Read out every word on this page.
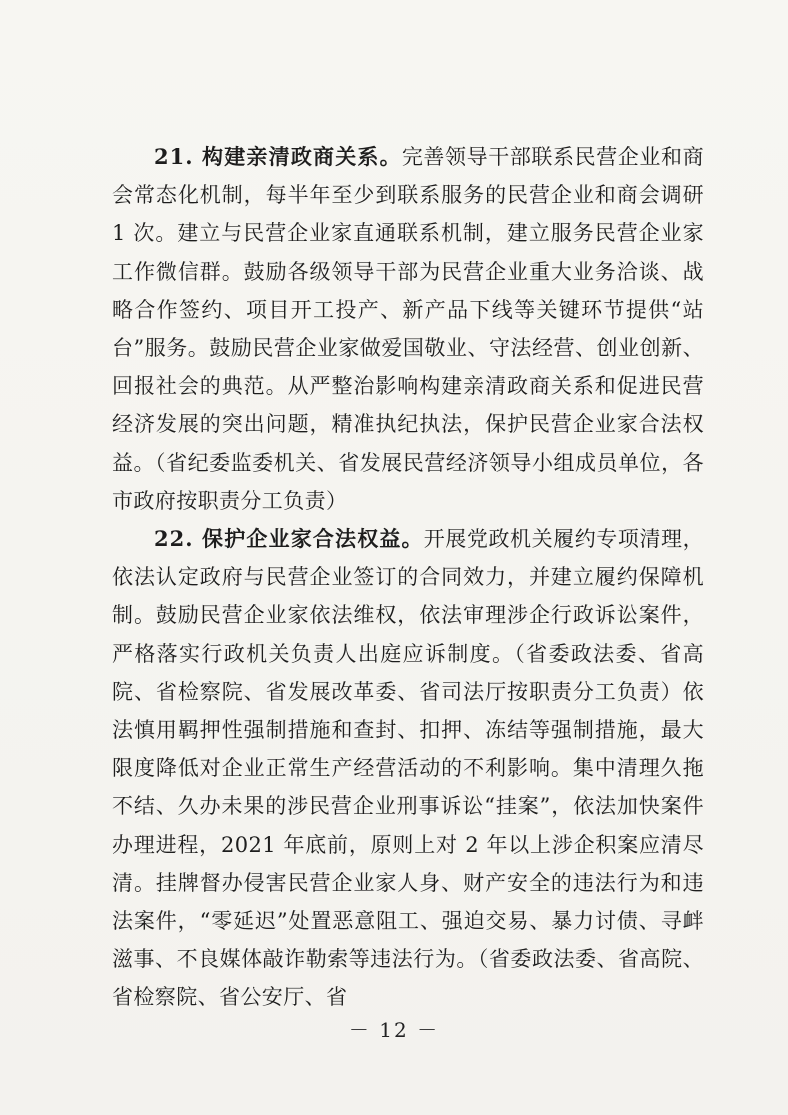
21. 构建亲清政商关系。完善领导干部联系民营企业和商会常态化机制，每半年至少到联系服务的民营企业和商会调研 1 次。建立与民营企业家直通联系机制，建立服务民营企业家工作微信群。鼓励各级领导干部为民营企业重大业务洽谈、战略合作签约、项目开工投产、新产品下线等关键环节提供“站台”服务。鼓励民营企业家做爱国敬业、守法经营、创业创新、回报社会的典范。从严整治影响构建亲清政商关系和促进民营经济发展的突出问题，精准执纪执法，保护民营企业家合法权益。（省纪委监委机关、省发展民营经济领导小组成员单位，各市政府按职责分工负责）

22. 保护企业家合法权益。开展党政机关履约专项清理，依法认定政府与民营企业签订的合同效力，并建立履约保障机制。鼓励民营企业家依法维权，依法审理涉企行政诉讼案件，严格落实行政机关负责人出庭应诉制度。（省委政法委、省高院、省检察院、省发展改革委、省司法厅按职责分工负责）依法慎用羁押性强制措施和查封、扣押、冻结等强制措施，最大限度降低对企业正常生产经营活动的不利影响。集中清理久拖不结、久办未果的涉民营企业刑事诉讼“挂案”，依法加快案件办理进程，2021 年底前，原则上对 2 年以上涉企积案应清尽清。挂牌督办侵害民营企业家人身、财产安全的违法行为和违法案件，“零延迟”处置恶意阻工、强迫交易、暴力讨债、寻衅滋事、不良媒体敲诈勒索等违法行为。（省委政法委、省高院、省检察院、省公安厅、省

－ 12 －
